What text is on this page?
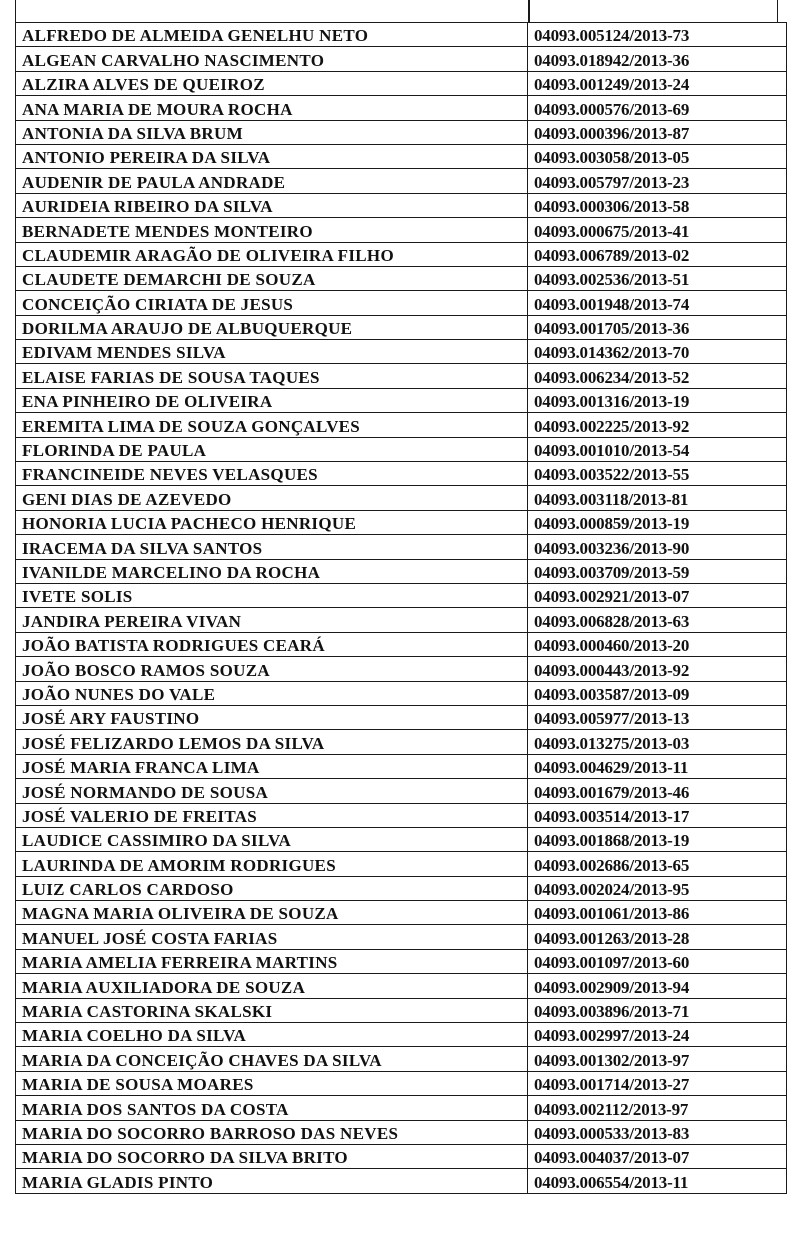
ALFREDO DE ALMEIDA GENELHU NETO	04093.005124/2013-73
ALGEAN CARVALHO NASCIMENTO	04093.018942/2013-36
ALZIRA ALVES DE QUEIROZ	04093.001249/2013-24
ANA MARIA DE MOURA ROCHA	04093.000576/2013-69
ANTONIA DA SILVA BRUM	04093.000396/2013-87
ANTONIO PEREIRA DA SILVA	04093.003058/2013-05
AUDENIR DE PAULA ANDRADE	04093.005797/2013-23
AURIDEIA RIBEIRO DA SILVA	04093.000306/2013-58
BERNADETE MENDES MONTEIRO	04093.000675/2013-41
CLAUDEMIR ARAGÃO DE OLIVEIRA FILHO	04093.006789/2013-02
CLAUDETE DEMARCHI DE SOUZA	04093.002536/2013-51
CONCEIÇÃO CIRIATA DE JESUS	04093.001948/2013-74
DORILMA ARAUJO DE ALBUQUERQUE	04093.001705/2013-36
EDIVAM MENDES SILVA	04093.014362/2013-70
ELAISE FARIAS DE SOUSA TAQUES	04093.006234/2013-52
ENA PINHEIRO DE OLIVEIRA	04093.001316/2013-19
EREMITA LIMA DE SOUZA GONÇALVES	04093.002225/2013-92
FLORINDA DE PAULA	04093.001010/2013-54
FRANCINEIDE NEVES VELASQUES	04093.003522/2013-55
GENI DIAS DE AZEVEDO	04093.003118/2013-81
HONORIA LUCIA PACHECO HENRIQUE	04093.000859/2013-19
IRACEMA DA SILVA SANTOS	04093.003236/2013-90
IVANILDE MARCELINO DA ROCHA	04093.003709/2013-59
IVETE SOLIS	04093.002921/2013-07
JANDIRA PEREIRA VIVAN	04093.006828/2013-63
JOÃO BATISTA RODRIGUES CEARÁ	04093.000460/2013-20
JOÃO BOSCO RAMOS SOUZA	04093.000443/2013-92
JOÃO NUNES DO VALE	04093.003587/2013-09
JOSÉ ARY FAUSTINO	04093.005977/2013-13
JOSÉ FELIZARDO LEMOS DA SILVA	04093.013275/2013-03
JOSÉ MARIA FRANCA LIMA	04093.004629/2013-11
JOSÉ NORMANDO DE SOUSA	04093.001679/2013-46
JOSÉ VALERIO DE FREITAS	04093.003514/2013-17
LAUDICE CASSIMIRO DA SILVA	04093.001868/2013-19
LAURINDA DE AMORIM RODRIGUES	04093.002686/2013-65
LUIZ CARLOS CARDOSO	04093.002024/2013-95
MAGNA MARIA OLIVEIRA DE SOUZA	04093.001061/2013-86
MANUEL JOSÉ COSTA FARIAS	04093.001263/2013-28
MARIA AMELIA FERREIRA MARTINS	04093.001097/2013-60
MARIA AUXILIADORA DE SOUZA	04093.002909/2013-94
MARIA CASTORINA SKALSKI	04093.003896/2013-71
MARIA COELHO DA SILVA	04093.002997/2013-24
MARIA DA CONCEIÇÃO CHAVES DA SILVA	04093.001302/2013-97
MARIA DE SOUSA MOARES	04093.001714/2013-27
MARIA DOS SANTOS DA COSTA	04093.002112/2013-97
MARIA DO SOCORRO BARROSO DAS NEVES	04093.000533/2013-83
MARIA DO SOCORRO DA SILVA BRITO	04093.004037/2013-07
MARIA GLADIS PINTO	04093.006554/2013-11
